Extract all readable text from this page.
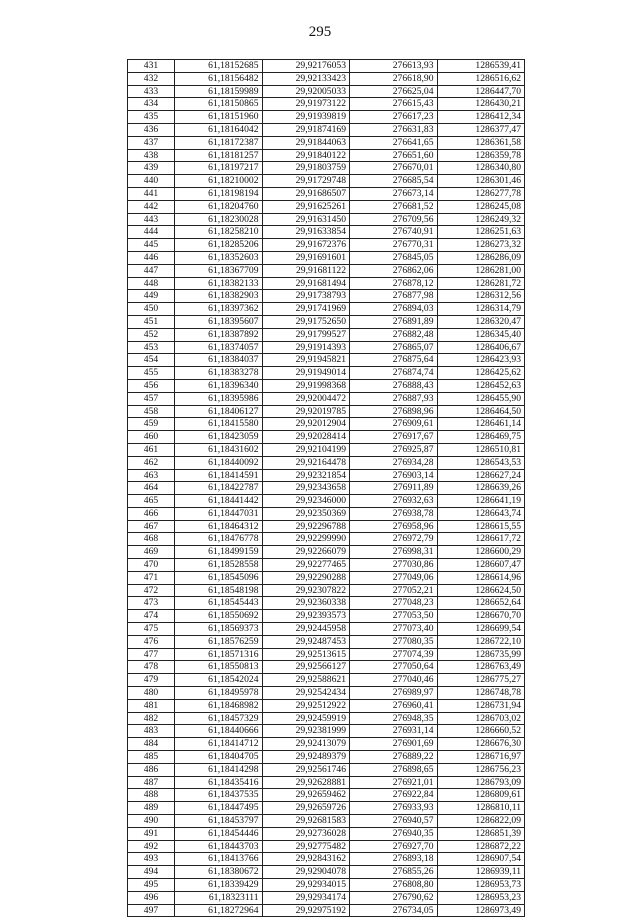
295
431	61,18152685	29,92176053	276613,93	1286539,41
432	61,18156482	29,92133423	276618,90	1286516,62
433	61,18159989	29,92005033	276625,04	1286447,70
434	61,18150865	29,91973122	276615,43	1286430,21
435	61,18151960	29,91939819	276617,23	1286412,34
436	61,18164042	29,91874169	276631,83	1286377,47
437	61,18172387	29,91844063	276641,65	1286361,58
438	61,18181257	29,91840122	276651,60	1286359,78
439	61,18197217	29,91803759	276670,01	1286340,80
440	61,18210002	29,91729748	276685,54	1286301,46
441	61,18198194	29,91686507	276673,14	1286277,78
442	61,18204760	29,91625261	276681,52	1286245,08
443	61,18230028	29,91631450	276709,56	1286249,32
444	61,18258210	29,91633854	276740,91	1286251,63
445	61,18285206	29,91672376	276770,31	1286273,32
446	61,18352603	29,91691601	276845,05	1286286,09
447	61,18367709	29,91681122	276862,06	1286281,00
448	61,18382133	29,91681494	276878,12	1286281,72
449	61,18382903	29,91738793	276877,98	1286312,56
450	61,18397362	29,91741969	276894,03	1286314,79
451	61,18395607	29,91752650	276891,89	1286320,47
452	61,18387892	29,91799527	276882,48	1286345,40
453	61,18374057	29,91914393	276865,07	1286406,67
454	61,18384037	29,91945821	276875,64	1286423,93
455	61,18383278	29,91949014	276874,74	1286425,62
456	61,18396340	29,91998368	276888,43	1286452,63
457	61,18395986	29,92004472	276887,93	1286455,90
458	61,18406127	29,92019785	276898,96	1286464,50
459	61,18415580	29,92012904	276909,61	1286461,14
460	61,18423059	29,92028414	276917,67	1286469,75
461	61,18431602	29,92104199	276925,87	1286510,81
462	61,18440092	29,92164478	276934,28	1286543,53
463	61,18414591	29,92321854	276903,14	1286627,24
464	61,18422787	29,92343658	276911,89	1286639,26
465	61,18441442	29,92346000	276932,63	1286641,19
466	61,18447031	29,92350369	276938,78	1286643,74
467	61,18464312	29,92296788	276958,96	1286615,55
468	61,18476778	29,92299990	276972,79	1286617,72
469	61,18499159	29,92266079	276998,31	1286600,29
470	61,18528558	29,92277465	277030,86	1286607,47
471	61,18545096	29,92290288	277049,06	1286614,96
472	61,18548198	29,92307822	277052,21	1286624,50
473	61,18545443	29,92360338	277048,23	1286652,64
474	61,18550692	29,92393573	277053,50	1286670,70
475	61,18569373	29,92445958	277073,40	1286699,54
476	61,18576259	29,92487453	277080,35	1286722,10
477	61,18571316	29,92513615	277074,39	1286735,99
478	61,18550813	29,92566127	277050,64	1286763,49
479	61,18542024	29,92588621	277040,46	1286775,27
480	61,18495978	29,92542434	276989,97	1286748,78
481	61,18468982	29,92512922	276960,41	1286731,94
482	61,18457329	29,92459919	276948,35	1286703,02
483	61,18440666	29,92381999	276931,14	1286660,52
484	61,18414712	29,92413079	276901,69	1286676,30
485	61,18404705	29,92489379	276889,22	1286716,97
486	61,18414298	29,92561746	276898,65	1286756,23
487	61,18435416	29,92628881	276921,01	1286793,09
488	61,18437535	29,92659462	276922,84	1286809,61
489	61,18447495	29,92659726	276933,93	1286810,11
490	61,18453797	29,92681583	276940,57	1286822,09
491	61,18454446	29,92736028	276940,35	1286851,39
492	61,18443703	29,92775482	276927,70	1286872,22
493	61,18413766	29,92843162	276893,18	1286907,54
494	61,18380672	29,92904078	276855,26	1286939,11
495	61,18339429	29,92934015	276808,80	1286953,73
496	61,18323111	29,92934174	276790,62	1286953,23
497	61,18272964	29,92975192	276734,05	1286973,49
